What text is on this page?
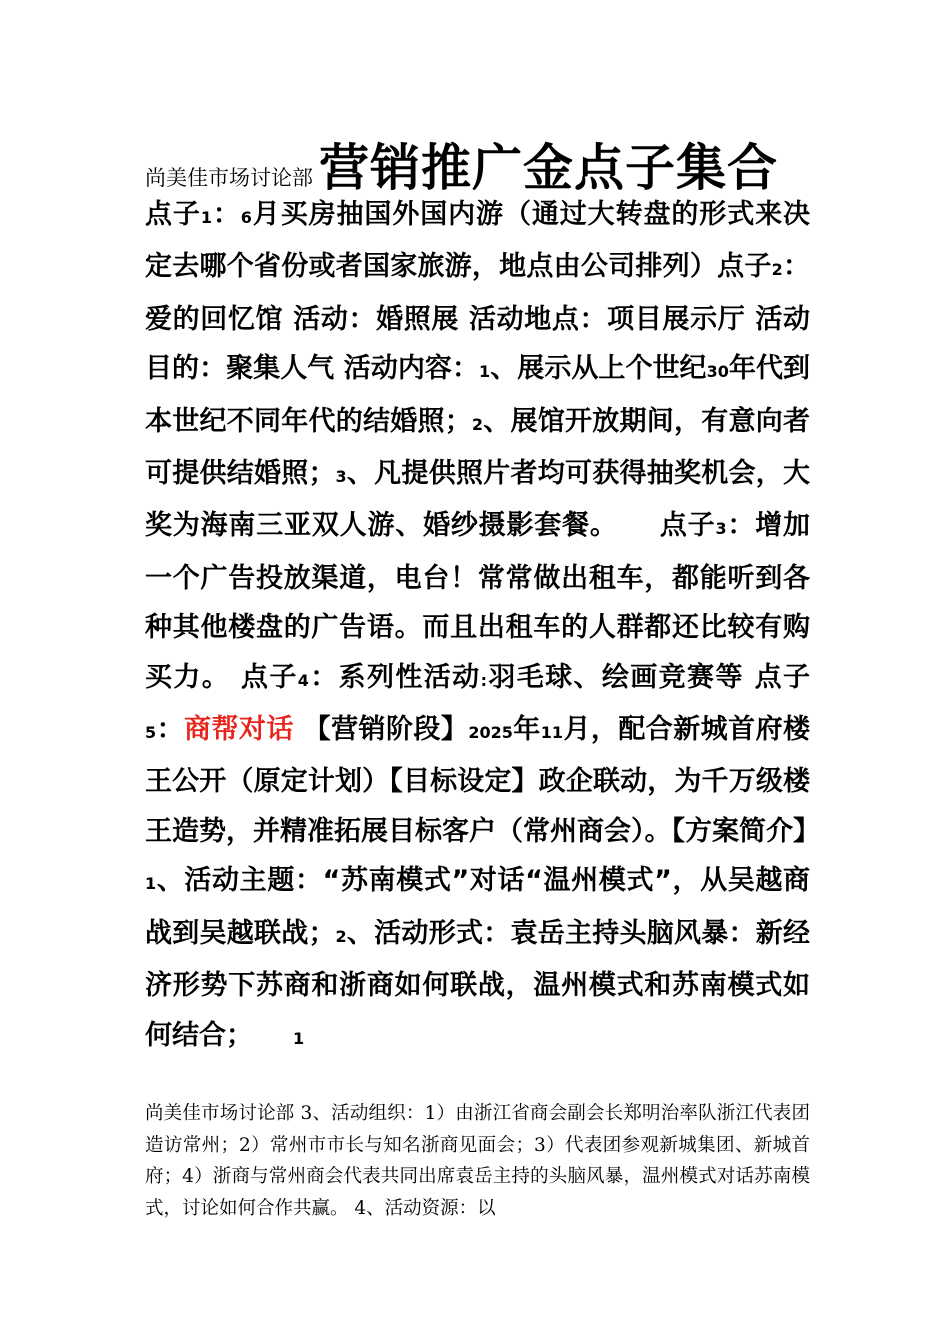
尚美佳市场讨论部 营销推广金点子集合
点子1：6月买房抽国外国内游（通过大转盘的形式来决定去哪个省份或者国家旅游，地点由公司排列）点子2：爱的回忆馆 活动：婚照展 活动地点：项目展示厅 活动目的：聚集人气 活动内容：1、展示从上个世纪30年代到本世纪不同年代的结婚照；2、展馆开放期间，有意向者可提供结婚照；3、凡提供照片者均可获得抽奖机会，大奖为海南三亚双人游、婚纱摄影套餐。　　点子3：增加一个广告投放渠道，电台！常常做出租车，都能听到各种其他楼盘的广告语。而且出租车的人群都还比较有购买力。 点子4：系列性活动:羽毛球、绘画竞赛等 点子5：商帮对话 【营销阶段】2025年11月，配合新城首府楼王公开（原定计划）【目标设定】政企联动，为千万级楼王造势，并精准拓展目标客户（常州商会）。【方案简介】1、活动主题：“苏南模式”对话“温州模式”，从吴越商战到吴越联战；2、活动形式：袁岳主持头脑风暴：新经济形势下苏商和浙商如何联战，温州模式和苏南模式如何结合；	1
尚美佳市场讨论部 3、活动组织：1）由浙江省商会副会长郑明治率队浙江代表团造访常州；2）常州市市长与知名浙商见面会；3）代表团参观新城集团、新城首府；4）浙商与常州商会代表共同出席袁岳主持的头脑风暴，温州模式对话苏南模式，讨论如何合作共赢。 4、活动资源：以
